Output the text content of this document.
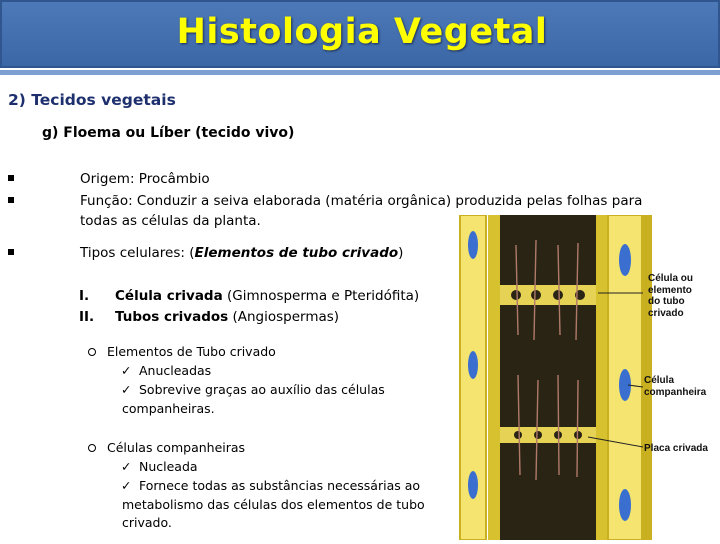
Histologia Vegetal
2) Tecidos vegetais
g) Floema ou Líber (tecido vivo)
Origem: Procâmbio
Função: Conduzir a seiva elaborada (matéria orgânica) produzida pelas folhas para
todas as células da planta.
Tipos celulares: (Elementos de tubo crivado)
I.	Célula crivada (Gimnosperma e Pteridófita)
II.	Tubos crivados (Angiospermas)
Elementos de Tubo crivado
✓ Anucleadas
✓ Sobrevive graças ao auxílio das células
companheiras.
Células companheiras
✓ Nucleada
✓ Fornece todas as substâncias necessárias ao
metabolismo das células dos elementos de tubo
crivado.
Célula ou
elemento
do tubo
crivado
Célula
companheira
Placa crivada
